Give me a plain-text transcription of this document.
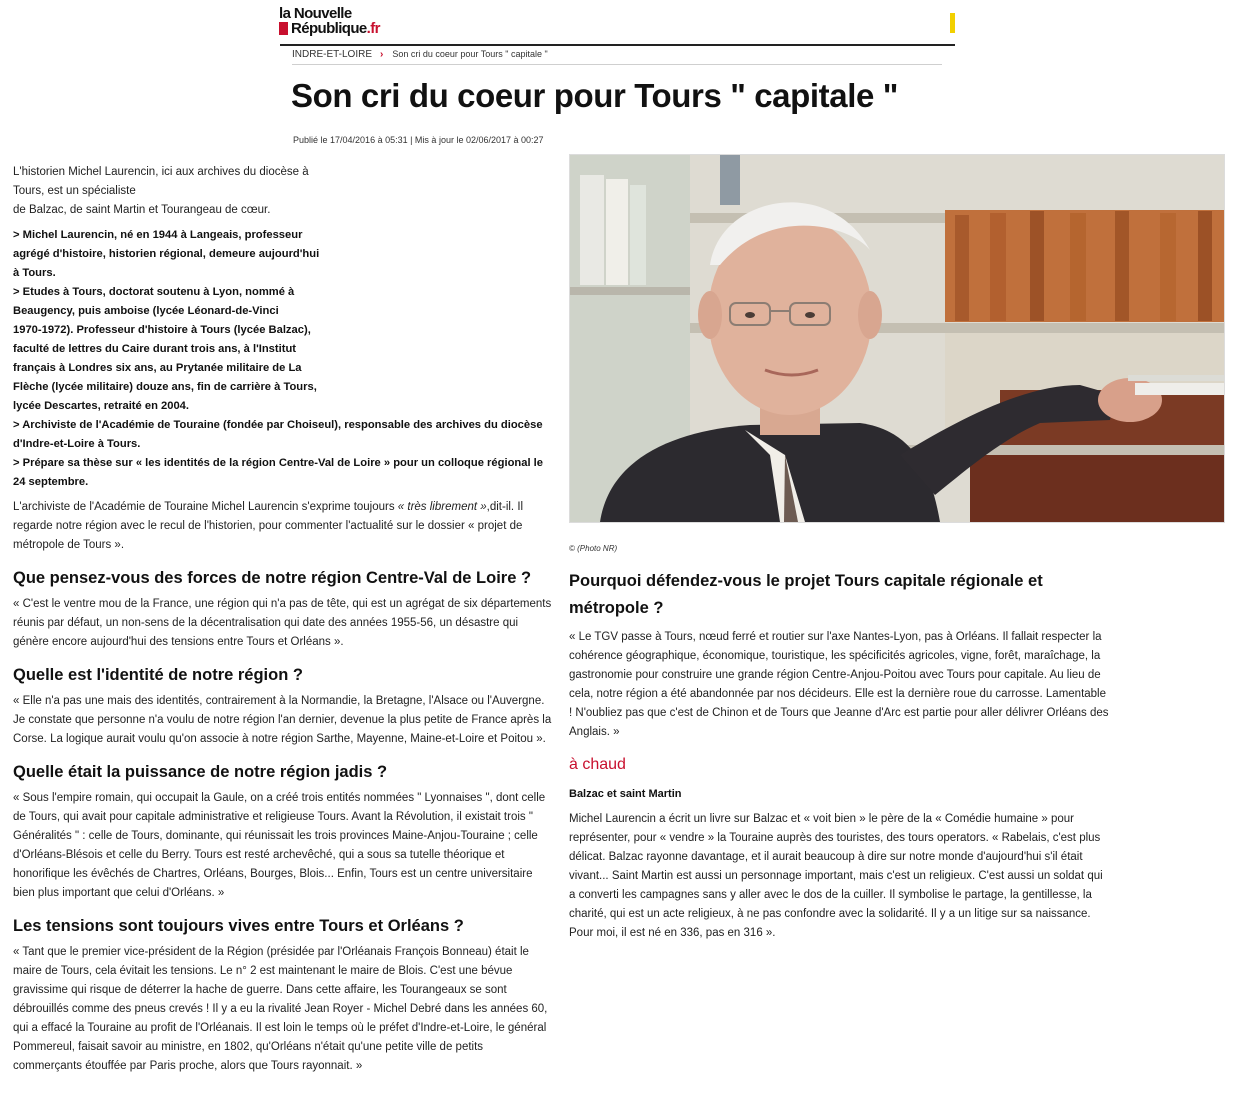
la Nouvelle
République.fr
INDRE-ET-LOIRE › Son cri du coeur pour Tours " capitale "
Son cri du coeur pour Tours " capitale "
Publié le 17/04/2016 à 05:31 | Mis à jour le 02/06/2017 à 00:27
L'historien Michel Laurencin, ici aux archives du diocèse à
Tours, est un spécialiste
de Balzac, de saint Martin et Tourangeau de cœur.
> Michel Laurencin, né en 1944 à Langeais, professeur
agrégé d'histoire, historien régional, demeure aujourd'hui
à Tours.
> Etudes à Tours, doctorat soutenu à Lyon, nommé à
Beaugency, puis amboise (lycée Léonard-de-Vinci
1970-1972). Professeur d'histoire à Tours (lycée Balzac),
faculté de lettres du Caire durant trois ans, à l'Institut
français à Londres six ans, au Prytanée militaire de La
Flèche (lycée militaire) douze ans, fin de carrière à Tours,
lycée Descartes, retraité en 2004.
> Archiviste de l'Académie de Touraine (fondée par Choiseul), responsable des archives du diocèse d'Indre-et-Loire à Tours.
> Prépare sa thèse sur « les identités de la région Centre-Val de Loire » pour un colloque régional le 24 septembre.

L'archiviste de l'Académie de Touraine Michel Laurencin s'exprime toujours « très librement »,dit-il. Il regarde notre région avec le recul de l'historien, pour commenter l'actualité sur le dossier « projet de métropole de Tours ».

Que pensez-vous des forces de notre région Centre-Val de Loire ?

« C'est le ventre mou de la France, une région qui n'a pas de tête, qui est un agrégat de six départements réunis par défaut, un non-sens de la décentralisation qui date des années 1955-56, un désastre qui génère encore aujourd'hui des tensions entre Tours et Orléans ».

Quelle est l'identité de notre région ?

« Elle n'a pas une mais des identités, contrairement à la Normandie, la Bretagne, l'Alsace ou l'Auvergne. Je constate que personne n'a voulu de notre région l'an dernier, devenue la plus petite de France après la Corse. La logique aurait voulu qu'on associe à notre région Sarthe, Mayenne, Maine-et-Loire et Poitou ».

Quelle était la puissance de notre région jadis ?

« Sous l'empire romain, qui occupait la Gaule, on a créé trois entités nommées " Lyonnaises ", dont celle de Tours, qui avait pour capitale administrative et religieuse Tours. Avant la Révolution, il existait trois " Généralités " : celle de Tours, dominante, qui réunissait les trois provinces Maine-Anjou-Touraine ; celle d'Orléans-Blésois et celle du Berry. Tours est resté archevêché, qui a sous sa tutelle théorique et honorifique les évêchés de Chartres, Orléans, Bourges, Blois... Enfin, Tours est un centre universitaire bien plus important que celui d'Orléans. »

Les tensions sont toujours vives entre Tours et Orléans ?

« Tant que le premier vice-président de la Région (présidée par l'Orléanais François Bonneau) était le maire de Tours, cela évitait les tensions. Le n° 2 est maintenant le maire de Blois. C'est une bévue gravissime qui risque de déterrer la hache de guerre. Dans cette affaire, les Tourangeaux se sont débrouillés comme des pneus crevés ! Il y a eu la rivalité Jean Royer - Michel Debré dans les années 60, qui a effacé la Touraine au profit de l'Orléanais. Il est loin le temps où le préfet d'Indre-et-Loire, le général Pommereul, faisait savoir au ministre, en 1802, qu'Orléans n'était qu'une petite ville de petits commerçants étouffée par Paris proche, alors que Tours rayonnait. »

© (Photo NR)
Pourquoi défendez-vous le projet Tours capitale régionale et métropole ?

« Le TGV passe à Tours, nœud ferré et routier sur l'axe Nantes-Lyon, pas à Orléans. Il fallait respecter la cohérence géographique, économique, touristique, les spécificités agricoles, vigne, forêt, maraîchage, la gastronomie pour construire une grande région Centre-Anjou-Poitou avec Tours pour capitale. Au lieu de cela, notre région a été abandonnée par nos décideurs. Elle est la dernière roue du carrosse. Lamentable ! N'oubliez pas que c'est de Chinon et de Tours que Jeanne d'Arc est partie pour aller délivrer Orléans des Anglais. »

à chaud
Balzac et saint Martin

Michel Laurencin a écrit un livre sur Balzac et « voit bien » le père de la « Comédie humaine » pour représenter, pour « vendre » la Touraine auprès des touristes, des tours operators. « Rabelais, c'est plus délicat. Balzac rayonne davantage, et il aurait beaucoup à dire sur notre monde d'aujourd'hui s'il était vivant... Saint Martin est aussi un personnage important, mais c'est un religieux. C'est aussi un soldat qui a converti les campagnes sans y aller avec le dos de la cuiller. Il symbolise le partage, la gentillesse, la charité, qui est un acte religieux, à ne pas confondre avec la solidarité. Il y a un litige sur sa naissance. Pour moi, il est né en 336, pas en 316 ».
